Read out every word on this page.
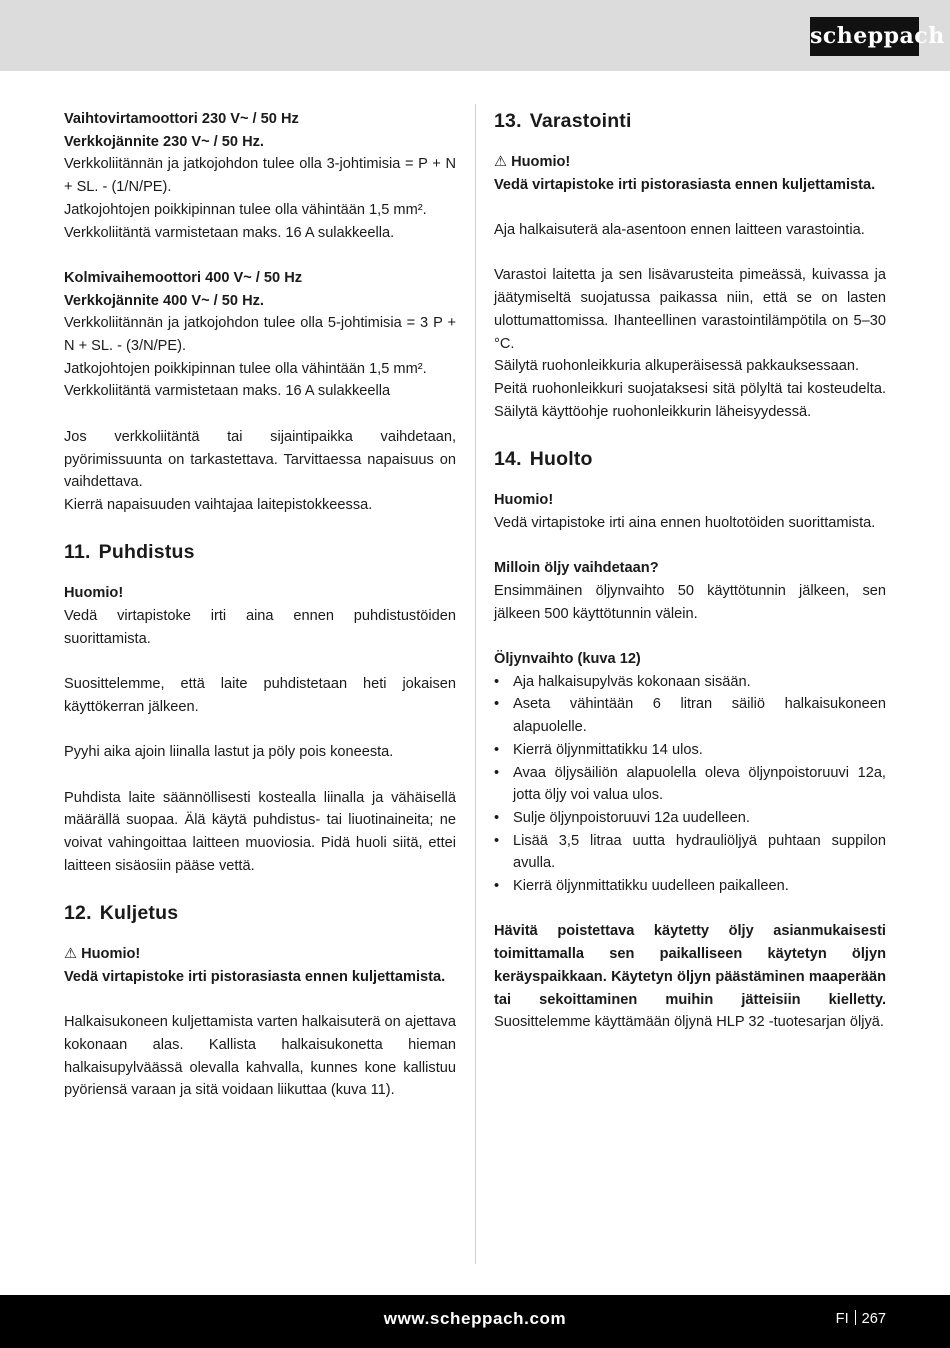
scheppach

Vaihtovirtamoottori 230 V~ / 50 Hz
Verkkojännite 230 V~ / 50 Hz.
Verkkoliitännän ja jatkojohdon tulee olla 3-johtimisia = P + N + SL. - (1/N/PE).
Jatkojohtojen poikkipinnan tulee olla vähintään 1,5 mm².
Verkkoliitäntä varmistetaan maks. 16 A sulakkeella.

Kolmivaihemoottori 400 V~ / 50 Hz
Verkkojännite 400 V~ / 50 Hz.
Verkkoliitännän ja jatkojohdon tulee olla 5-johtimisia = 3 P + N + SL. - (3/N/PE).
Jatkojohtojen poikkipinnan tulee olla vähintään 1,5 mm².
Verkkoliitäntä varmistetaan maks. 16 A sulakkeella

Jos verkkoliitäntä tai sijaintipaikka vaihdetaan, pyörimissuunta on tarkastettava. Tarvittaessa napaisuus on vaihdettava.
Kierrä napaisuuden vaihtajaa laitepistokkeessa.

11. Puhdistus

Huomio!
Vedä virtapistoke irti aina ennen puhdistustöiden suorittamista.

Suosittelemme, että laite puhdistetaan heti jokaisen käyttökerran jälkeen.

Pyyhi aika ajoin liinalla lastut ja pöly pois koneesta.

Puhdista laite säännöllisesti kostealla liinalla ja vähäisellä määrällä suopaa. Älä käytä puhdistus- tai liuotinaineita; ne voivat vahingoittaa laitteen muoviosia. Pidä huoli siitä, ettei laitteen sisäosiin pääse vettä.

12. Kuljetus

⚠ Huomio!
Vedä virtapistoke irti pistorasiasta ennen kuljettamista.

Halkaisukoneen kuljettamista varten halkaisuterä on ajettava kokonaan alas. Kallista halkaisukonetta hieman halkaisupylväässä olevalla kahvalla, kunnes kone kallistuu pyöriensä varaan ja sitä voidaan liikuttaa (kuva 11).

13. Varastointi

⚠ Huomio!
Vedä virtapistoke irti pistorasiasta ennen kuljettamista.

Aja halkaisuterä ala-asentoon ennen laitteen varastointia.

Varastoi laitetta ja sen lisävarusteita pimeässä, kuivassa ja jäätymiseltä suojatussa paikassa niin, että se on lasten ulottumattomissa. Ihanteellinen varastointilämpötila on 5–30 °C.

Säilytä ruohonleikkuria alkuperäisessä pakkauksessaan.

Peitä ruohonleikkuri suojataksesi sitä pölyltä tai kosteudelta. Säilytä käyttöohje ruohonleikkurin läheisyydessä.

14. Huolto

Huomio!
Vedä virtapistoke irti aina ennen huoltotöiden suorittamista.

Milloin öljy vaihdetaan?
Ensimmäinen öljynvaihto 50 käyttötunnin jälkeen, sen jälkeen 500 käyttötunnin välein.

Öljynvaihto (kuva 12)

• Aja halkaisupylväs kokonaan sisään.
• Aseta vähintään 6 litran säiliö halkaisukoneen alapuolelle.
• Kierrä öljynmittatikku 14 ulos.
• Avaa öljysäiliön alapuolella oleva öljynpoistoruuvi 12a, jotta öljy voi valua ulos.
• Sulje öljynpoistoruuvi 12a uudelleen.
• Lisää 3,5 litraa uutta hydrauliöljyä puhtaan suppilon avulla.
• Kierrä öljynmittatikku uudelleen paikalleen.

Hävitä poistettava käytetty öljy asianmukaisesti toimittamalla sen paikalliseen käytetyn öljyn keräyspaikkaan. Käytetyn öljyn päästäminen maaperään tai sekoittaminen muihin jätteisiin kielletty. Suosittelemme käyttämään öljynä HLP 32 -tuotesarjan öljyä.

www.scheppach.com	FI 267
